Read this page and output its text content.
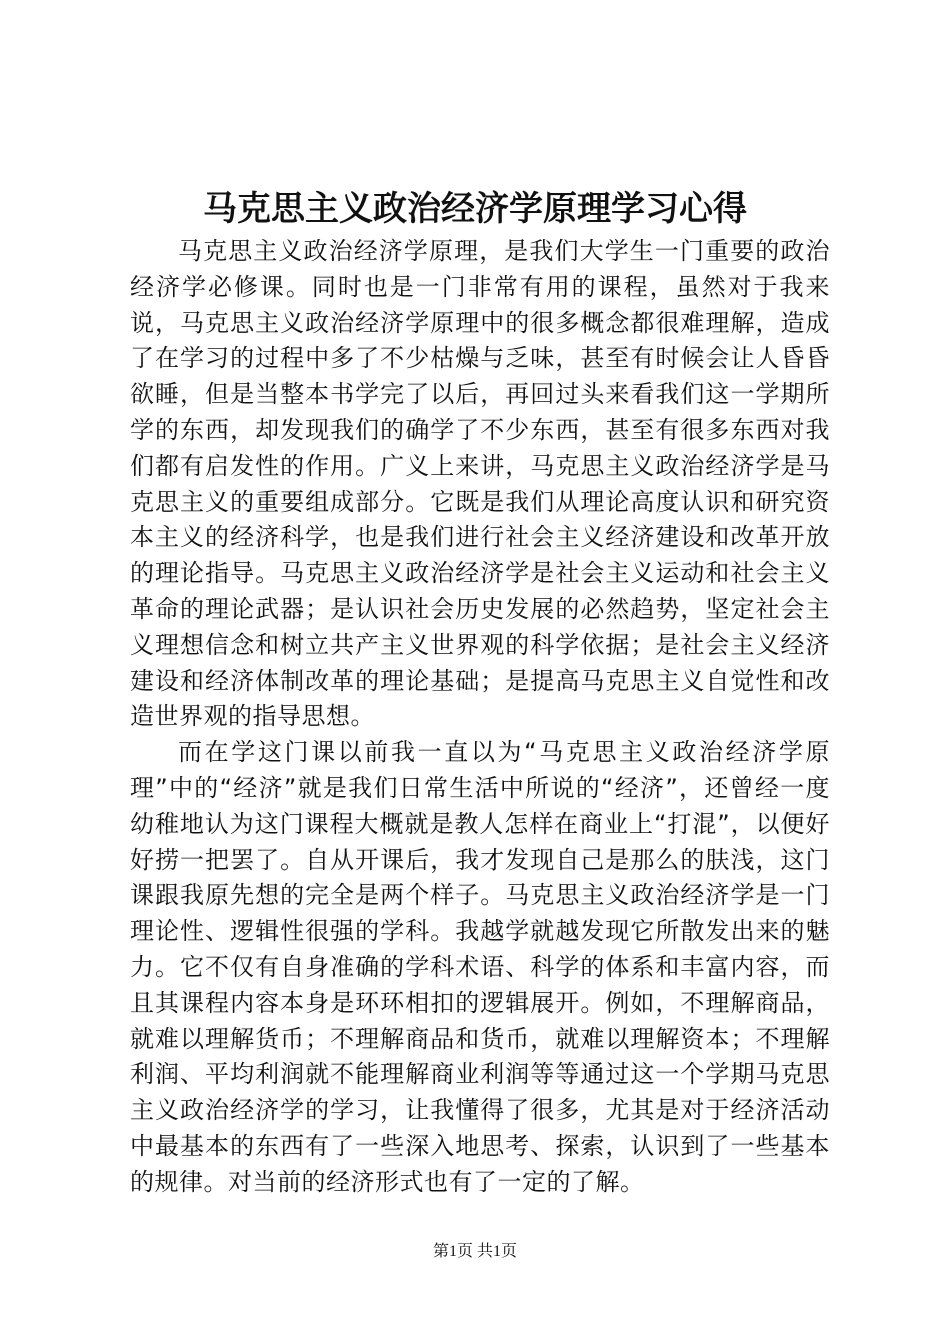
马克思主义政治经济学原理学习心得

马克思主义政治经济学原理，是我们大学生一门重要的政治经济学必修课。同时也是一门非常有用的课程，虽然对于我来说，马克思主义政治经济学原理中的很多概念都很难理解，造成了在学习的过程中多了不少枯燥与乏味，甚至有时候会让人昏昏欲睡，但是当整本书学完了以后，再回过头来看我们这一学期所学的东西，却发现我们的确学了不少东西，甚至有很多东西对我们都有启发性的作用。广义上来讲，马克思主义政治经济学是马克思主义的重要组成部分。它既是我们从理论高度认识和研究资本主义的经济科学，也是我们进行社会主义经济建设和改革开放的理论指导。马克思主义政治经济学是社会主义运动和社会主义革命的理论武器；是认识社会历史发展的必然趋势，坚定社会主义理想信念和树立共产主义世界观的科学依据；是社会主义经济建设和经济体制改革的理论基础；是提高马克思主义自觉性和改造世界观的指导思想。

而在学这门课以前我一直以为“马克思主义政治经济学原理”中的“经济”就是我们日常生活中所说的“经济”，还曾经一度幼稚地认为这门课程大概就是教人怎样在商业上“打混”，以便好好捞一把罢了。自从开课后，我才发现自己是那么的肤浅，这门课跟我原先想的完全是两个样子。马克思主义政治经济学是一门理论性、逻辑性很强的学科。我越学就越发现它所散发出来的魅力。它不仅有自身准确的学科术语、科学的体系和丰富内容，而且其课程内容本身是环环相扣的逻辑展开。例如，不理解商品，就难以理解货币；不理解商品和货币，就难以理解资本；不理解利润、平均利润就不能理解商业利润等等通过这一个学期马克思主义政治经济学的学习，让我懂得了很多，尤其是对于经济活动中最基本的东西有了一些深入地思考、探索，认识到了一些基本的规律。对当前的经济形式也有了一定的了解。

第1页 共1页
